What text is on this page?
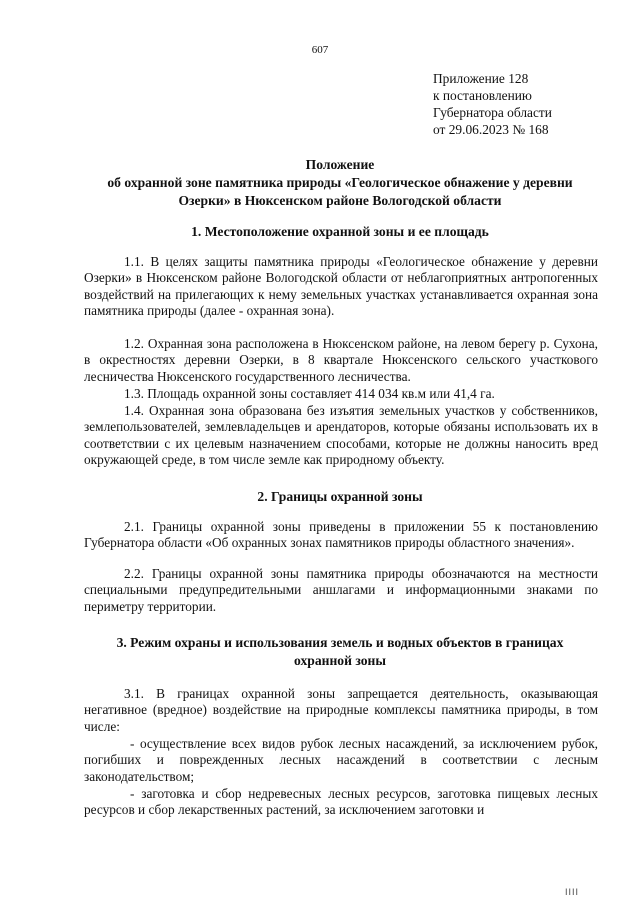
607
Приложение 128
к постановлению
Губернатора области
от 29.06.2023 № 168
Положение
об охранной зоне памятника природы «Геологическое обнажение у деревни
Озерки» в Нюксенском районе Вологодской области
1. Местоположение охранной зоны и ее площадь
1.1. В целях защиты памятника природы «Геологическое обнажение у деревни Озерки» в Нюксенском районе Вологодской области от неблагоприятных антропогенных воздействий на прилегающих к нему земельных участках устанавливается охранная зона памятника природы (далее - охранная зона).
1.2. Охранная зона расположена в Нюксенском районе, на левом берегу р. Сухона, в окрестностях деревни Озерки, в 8 квартале Нюксенского сельского участкового лесничества Нюксенского государственного лесничества.
1.3. Площадь охранной зоны составляет 414 034 кв.м или 41,4 га.
1.4. Охранная зона образована без изъятия земельных участков у собственников, землепользователей, землевладельцев и арендаторов, которые обязаны использовать их в соответствии с их целевым назначением способами, которые не должны наносить вред окружающей среде, в том числе земле как природному объекту.
2. Границы охранной зоны
2.1. Границы охранной зоны приведены в приложении 55 к постановлению Губернатора области «Об охранных зонах памятников природы областного значения».
2.2. Границы охранной зоны памятника природы обозначаются на местности специальными предупредительными аншлагами и информационными знаками по периметру территории.
3. Режим охраны и использования земель и водных объектов в границах
охранной зоны
3.1. В границах охранной зоны запрещается деятельность, оказывающая негативное (вредное) воздействие на природные комплексы памятника природы, в том числе:
- осуществление всех видов рубок лесных насаждений, за исключением рубок, погибших и поврежденных лесных насаждений в соответствии с лесным законодательством;
- заготовка и сбор недревесных лесных ресурсов, заготовка пищевых лесных ресурсов и сбор лекарственных растений, за исключением заготовки и
IIII
